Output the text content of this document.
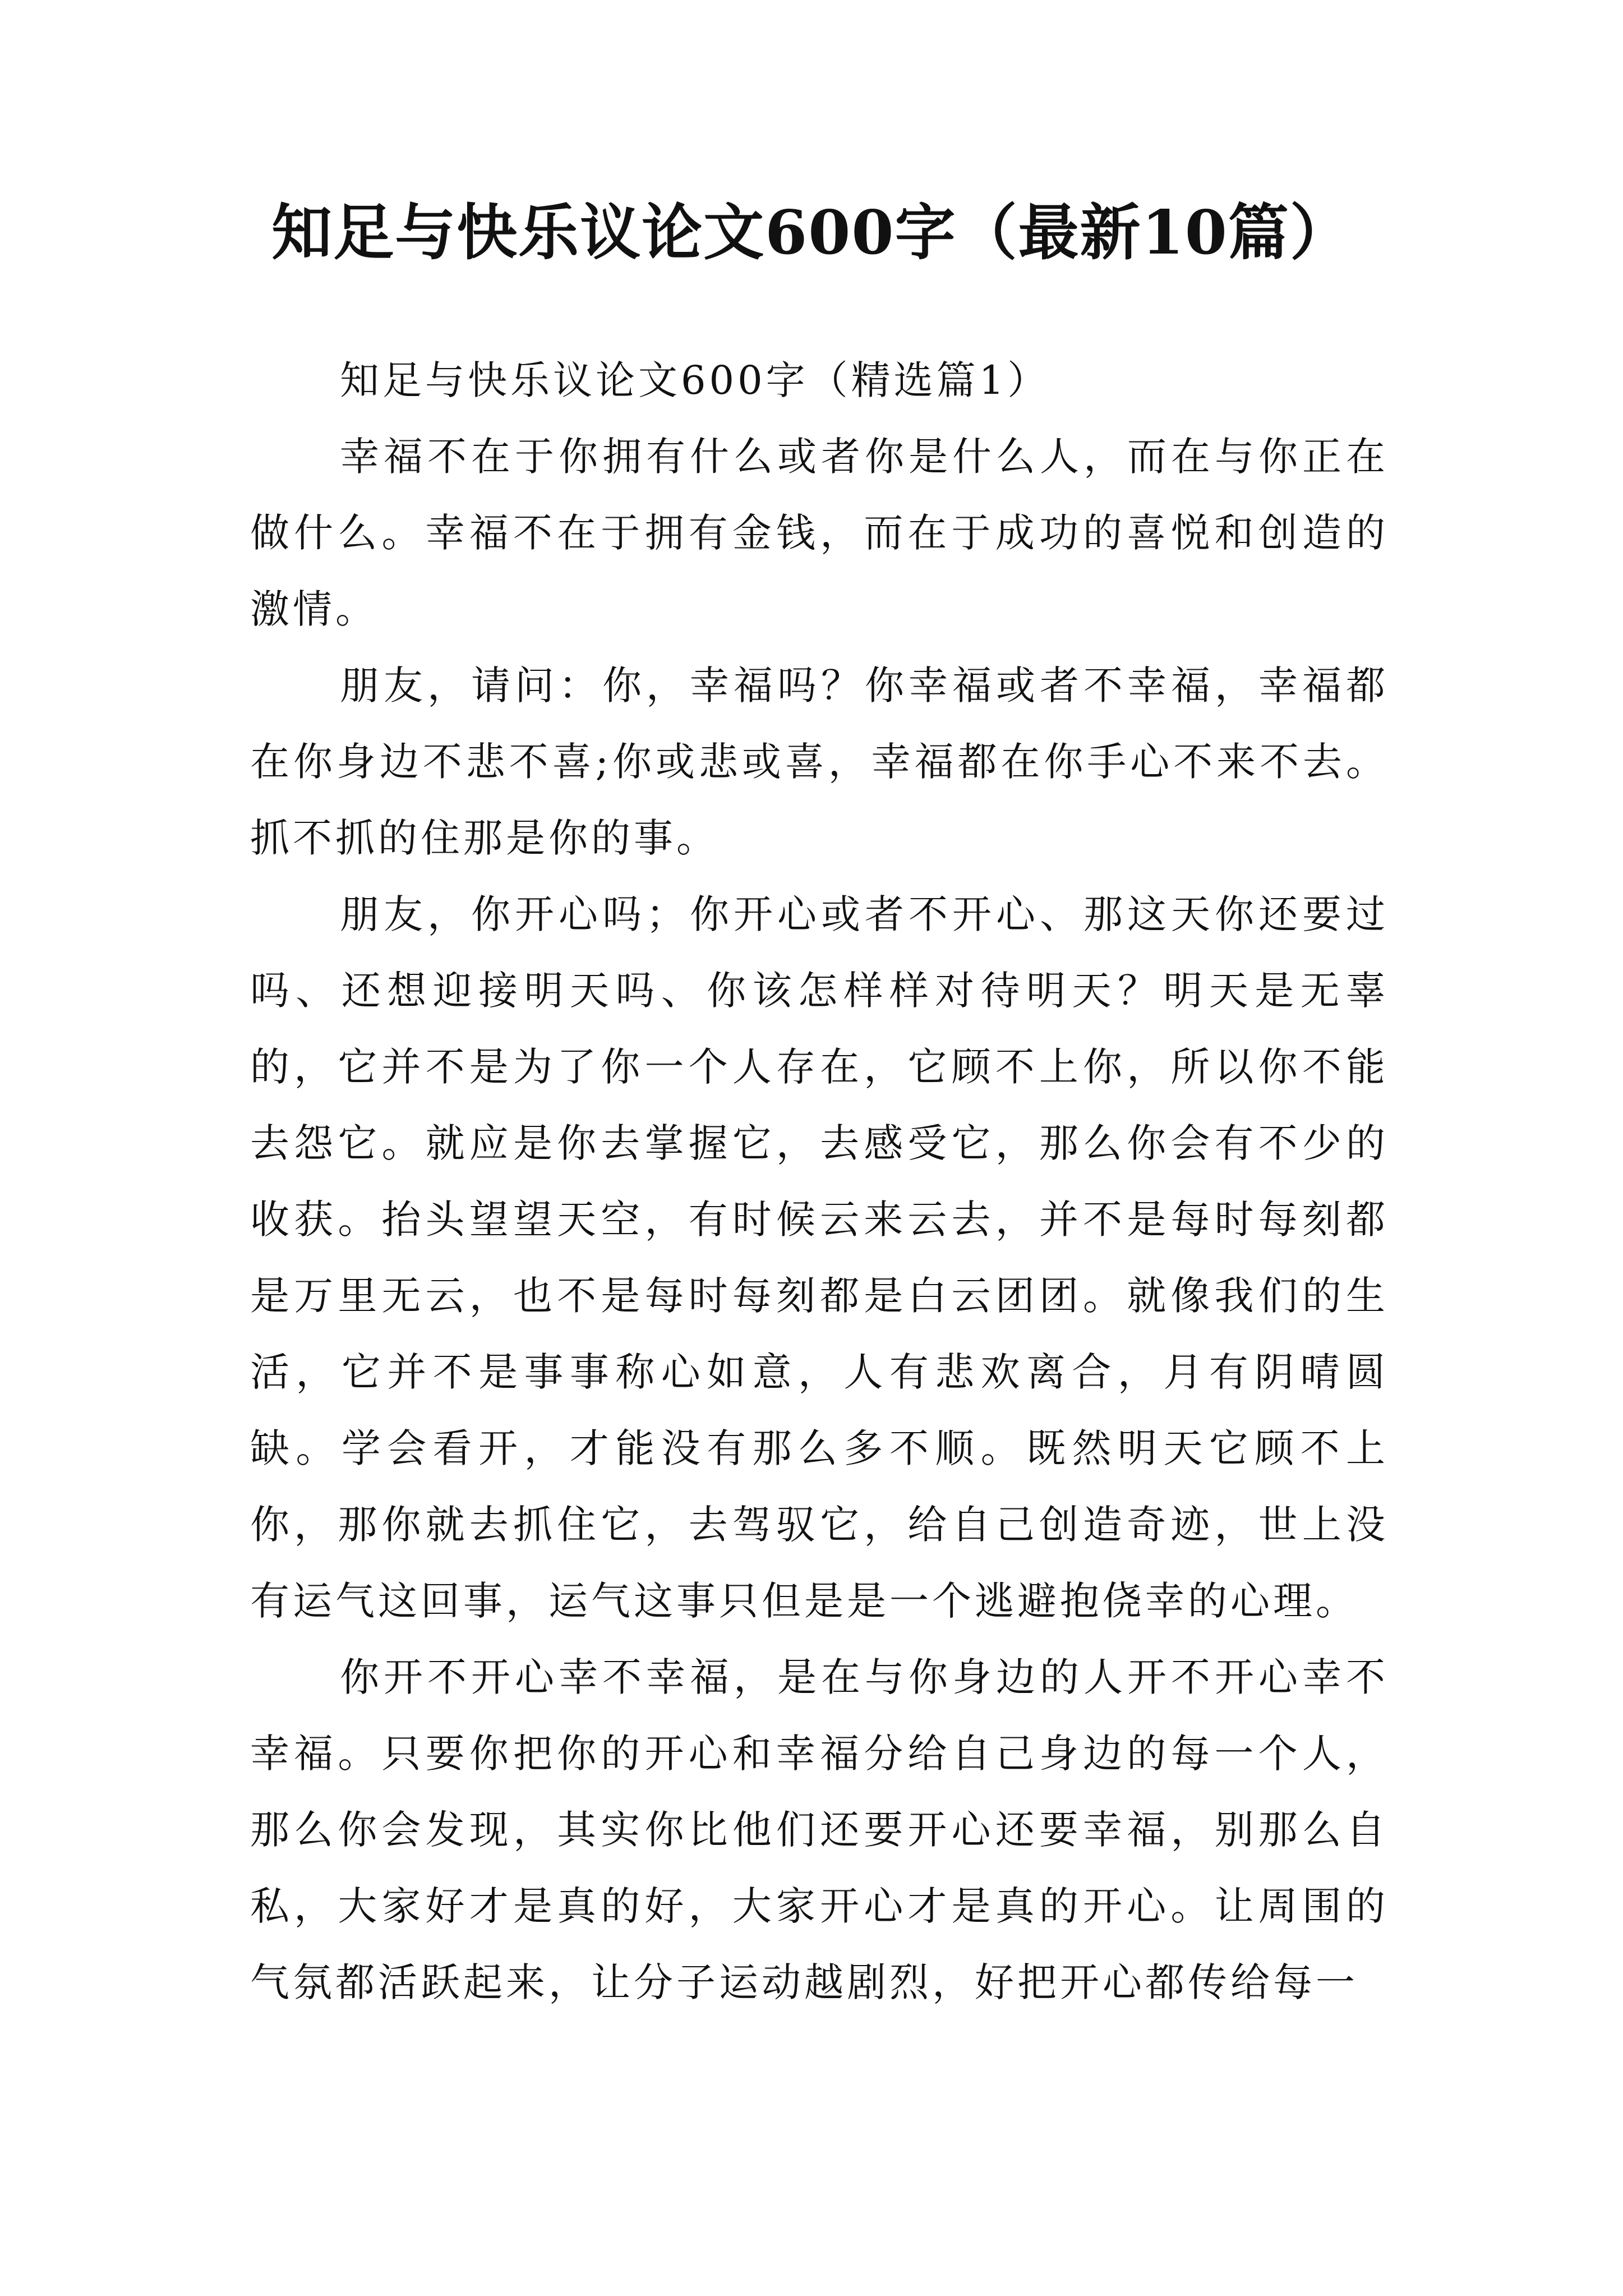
知足与快乐议论文600字（最新10篇）

知足与快乐议论文600字（精选篇1）

幸福不在于你拥有什么或者你是什么人，而在与你正在做什么。幸福不在于拥有金钱，而在于成功的喜悦和创造的激情。

朋友，请问：你，幸福吗？你幸福或者不幸福，幸福都在你身边不悲不喜;你或悲或喜，幸福都在你手心不来不去。抓不抓的住那是你的事。

朋友，你开心吗；你开心或者不开心、那这天你还要过吗、还想迎接明天吗、你该怎样样对待明天？明天是无辜的，它并不是为了你一个人存在，它顾不上你，所以你不能去怨它。就应是你去掌握它，去感受它，那么你会有不少的收获。抬头望望天空，有时候云来云去，并不是每时每刻都是万里无云，也不是每时每刻都是白云团团。就像我们的生活，它并不是事事称心如意，人有悲欢离合，月有阴晴圆缺。学会看开，才能没有那么多不顺。既然明天它顾不上你，那你就去抓住它，去驾驭它，给自己创造奇迹，世上没有运气这回事，运气这事只但是是一个逃避抱侥幸的心理。

你开不开心幸不幸福，是在与你身边的人开不开心幸不幸福。只要你把你的开心和幸福分给自己身边的每一个人，那么你会发现，其实你比他们还要开心还要幸福，别那么自私，大家好才是真的好，大家开心才是真的开心。让周围的气氛都活跃起来，让分子运动越剧烈，好把开心都传给每一
